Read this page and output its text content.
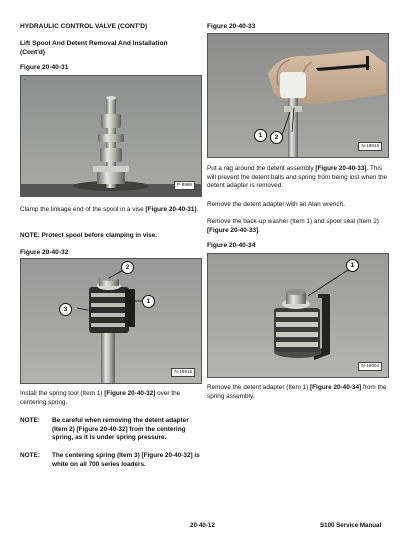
HYDRAULIC CONTROL VALVE (CONT'D)
Lift Spool And Detent Removal And Installation (Cont'd)
Figure 20-40-31
-
P-8988
Clamp the linkage end of the spool in a vise [Figure 20-40-31].
NOTE: Protect spool before clamping in vise.
Figure 20-40-32
2
1
3
N-18915
Install the spring tool (Item 1) [Figure 20-40-32] over the centering spring.
NOTE:	Be careful when removing the detent adapter (Item 2) [Figure 20-40-32] from the centering spring, as it is under spring pressure.
NOTE:	The centering spring (Item 3) [Figure 20-40-32] is white on all 700 series loaders.
Figure 20-40-33
1	2
N-18916
Put a rag around the detent assembly [Figure 20-40-33]. This will prevent the detent balls and spring from being lost when the detent adapter is removed.
Remove the detent adapter with an Alan wrench.
Remove the back-up washer (Item 1) and spool seal (Item 2) [Figure 20-40-33].
Figure 20-40-34
1
N-19004
Remove the detent adapter (Item 1) [Figure 20-40-34] from the spring assembly.
20-40-12	S100 Service Manual
